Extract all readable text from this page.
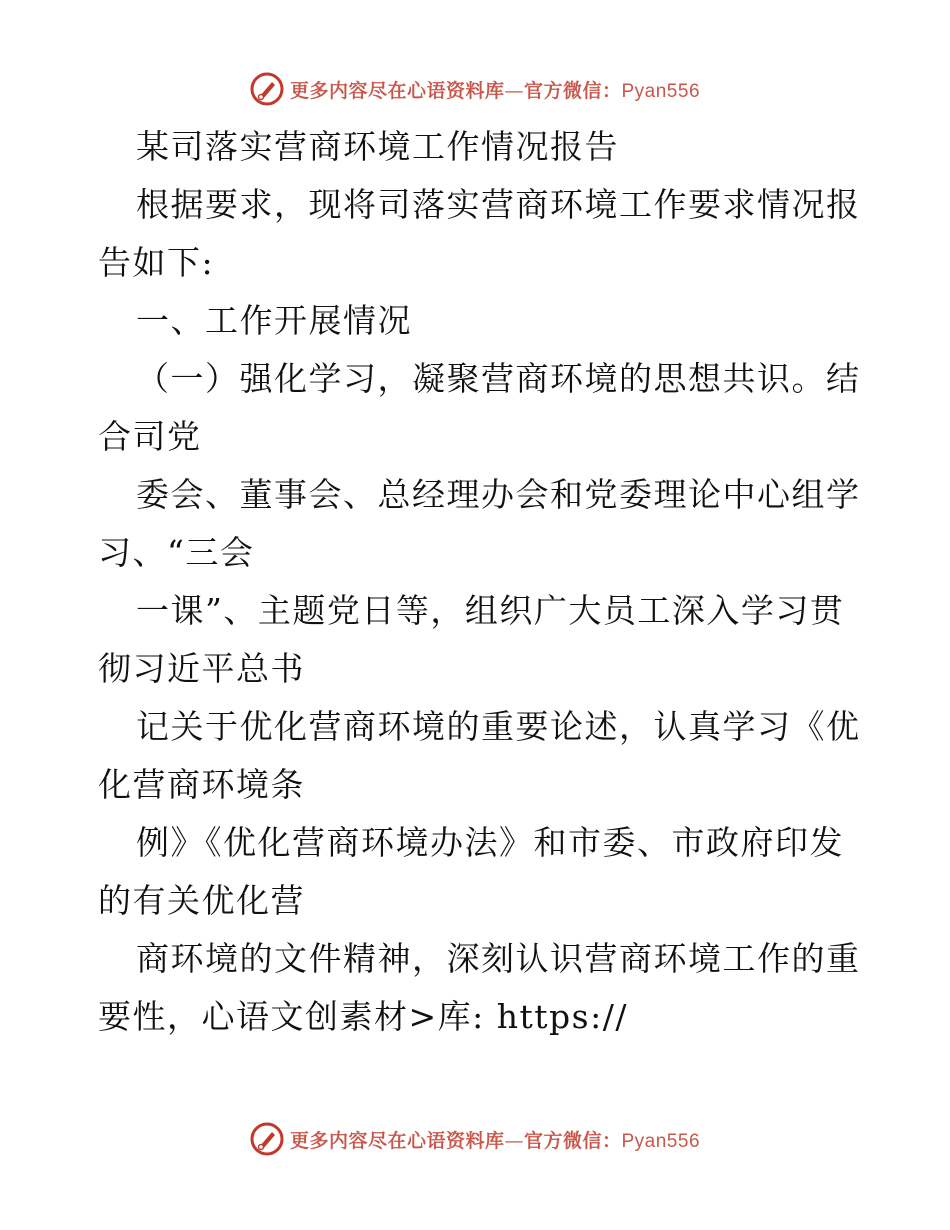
更多内容尽在心语资料库—官方微信：Pyan556
某司落实营商环境工作情况报告
根据要求，现将司落实营商环境工作要求情况报
告如下:
一、工作开展情况
（一）强化学习，凝聚营商环境的思想共识。结
合司党
委会、董事会、总经理办会和党委理论中心组学
习、“三会
一课”、主题党日等，组织广大员工深入学习贯
彻习近平总书
记关于优化营商环境的重要论述，认真学习《优
化营商环境条
例》《优化营商环境办法》和市委、市政府印发
的有关优化营
商环境的文件精神，深刻认识营商环境工作的重
要性，心语文创素材>库: https://
更多内容尽在心语资料库—官方微信：Pyan556
